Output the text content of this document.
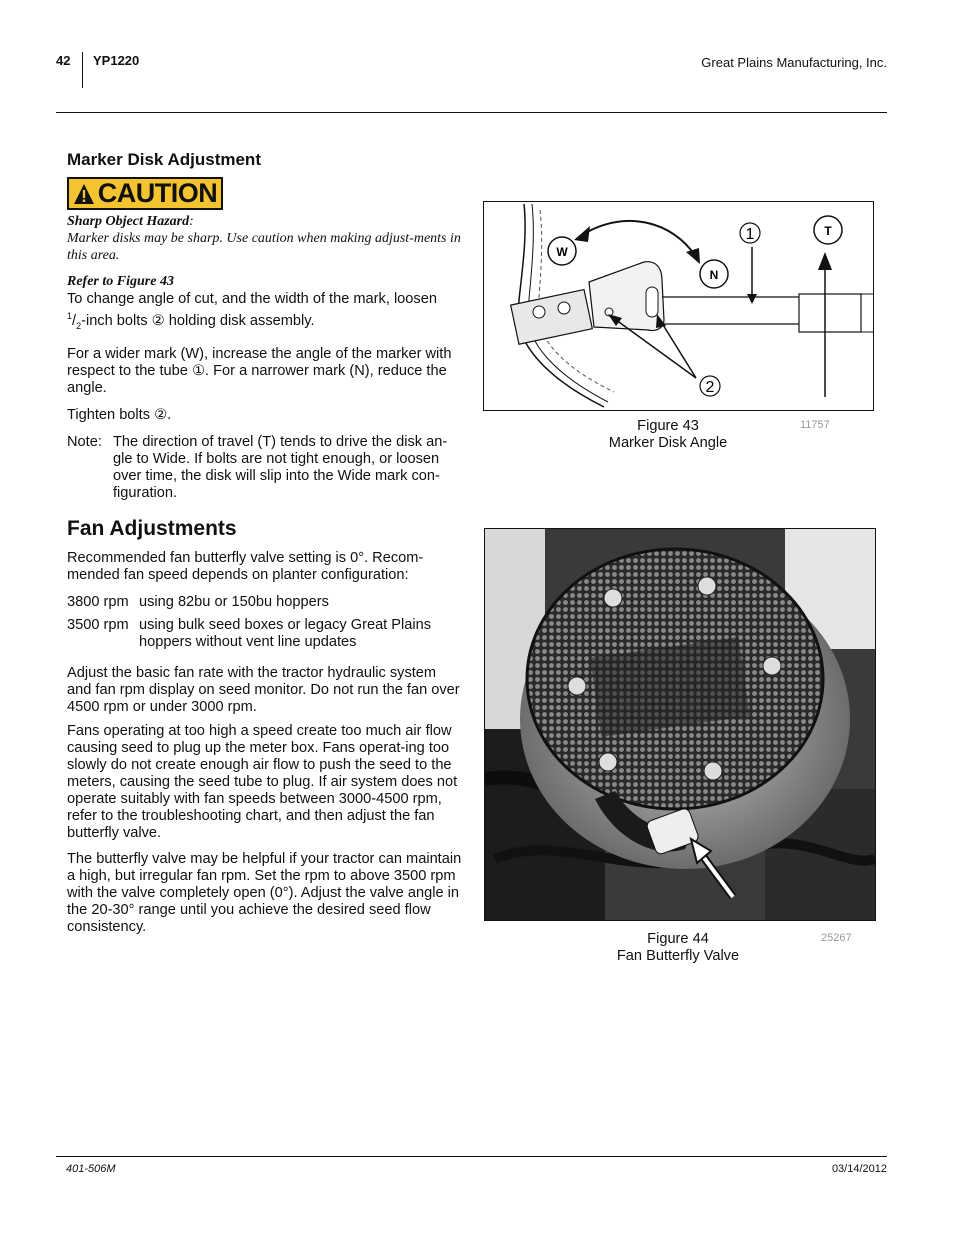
42 YP1220	Great Plains Manufacturing, Inc.
Marker Disk Adjustment
CAUTION
Sharp Object Hazard:
Marker disks may be sharp. Use caution when making adjust-ments in this area.
Refer to Figure 43

To change angle of cut, and the width of the mark, loosen
$^1/_2$-inch bolts ② holding disk assembly.

For a wider mark (W), increase the angle of the marker with respect to the tube ①. For a narrower mark (N), reduce the angle.

Tighten bolts ②.

Note: The direction of travel (T) tends to drive the disk an-gle to Wide. If bolts are not tight enough, or loosen over time, the disk will slip into the Wide mark con-figuration.
W
N
T
1
2
Figure 43
Marker Disk Angle
11757
Fan Adjustments

Recommended fan butterfly valve setting is 0°. Recom-mended fan speed depends on planter configuration:

3800 rpm using 82bu or 150bu hoppers
3500 rpm using bulk seed boxes or legacy Great Plains hoppers without vent line updates

Adjust the basic fan rate with the tractor hydraulic system and fan rpm display on seed monitor. Do not run the fan over 4500 rpm or under 3000 rpm.

Fans operating at too high a speed create too much air flow causing seed to plug up the meter box. Fans operat-ing too slowly do not create enough air flow to push the seed to the meters, causing the seed tube to plug. If air system does not operate suitably with fan speeds between 3000-4500 rpm, refer to the troubleshooting chart, and then adjust the fan butterfly valve.

The butterfly valve may be helpful if your tractor can maintain a high, but irregular fan rpm. Set the rpm to above 3500 rpm with the valve completely open (0°). Adjust the valve angle in the 20-30° range until you achieve the desired seed flow consistency.

Figure 44
Fan Butterfly Valve
25267
401-506M	03/14/2012
